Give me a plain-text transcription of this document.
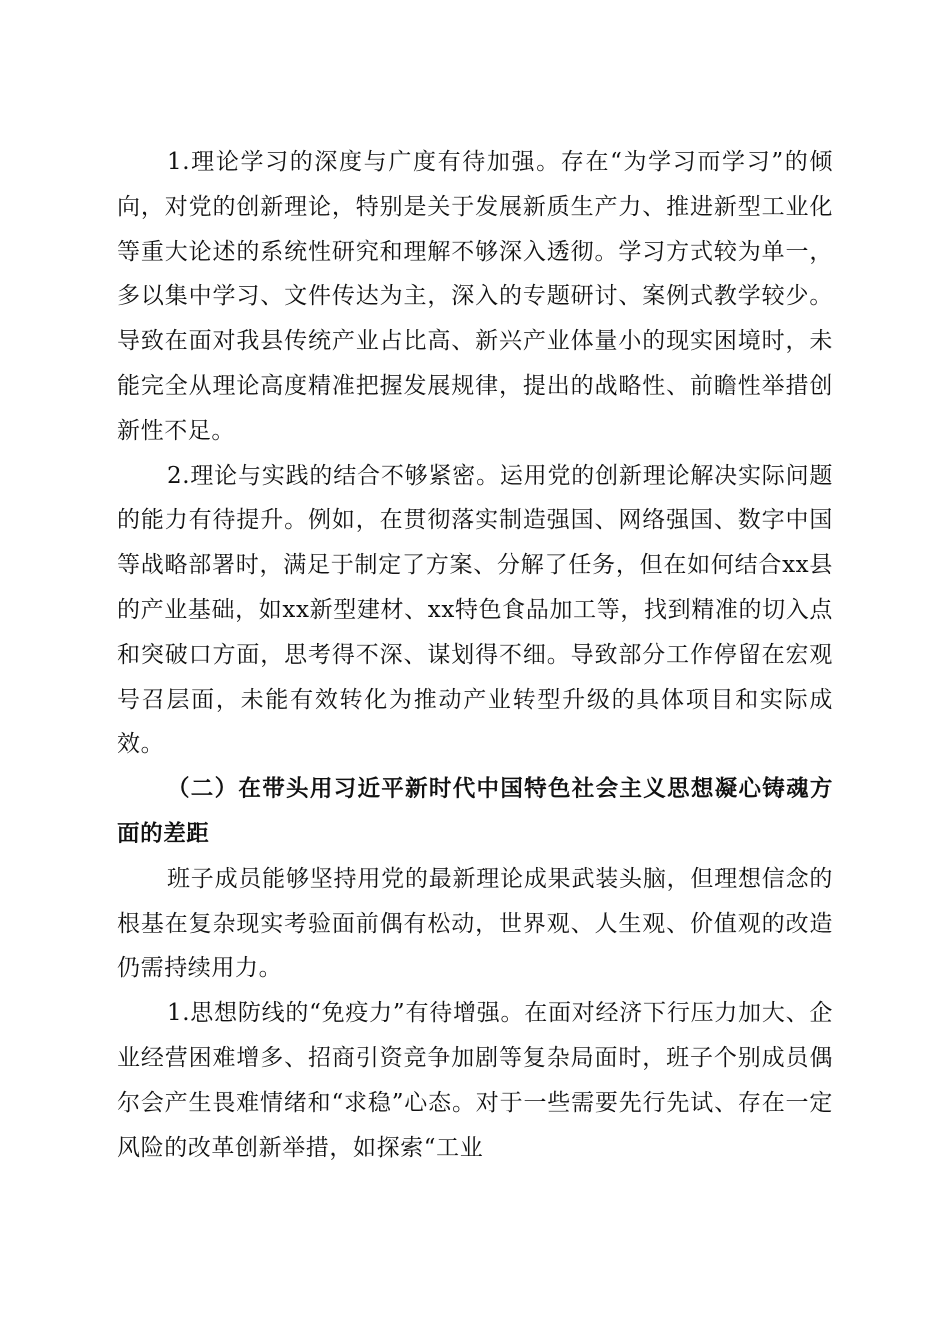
1.理论学习的深度与广度有待加强。存在“为学习而学习”的倾向，对党的创新理论，特别是关于发展新质生产力、推进新型工业化等重大论述的系统性研究和理解不够深入透彻。学习方式较为单一，多以集中学习、文件传达为主，深入的专题研讨、案例式教学较少。导致在面对我县传统产业占比高、新兴产业体量小的现实困境时，未能完全从理论高度精准把握发展规律，提出的战略性、前瞻性举措创新性不足。

2.理论与实践的结合不够紧密。运用党的创新理论解决实际问题的能力有待提升。例如，在贯彻落实制造强国、网络强国、数字中国等战略部署时，满足于制定了方案、分解了任务，但在如何结合xx县的产业基础，如xx新型建材、xx特色食品加工等，找到精准的切入点和突破口方面，思考得不深、谋划得不细。导致部分工作停留在宏观号召层面，未能有效转化为推动产业转型升级的具体项目和实际成效。

（二）在带头用习近平新时代中国特色社会主义思想凝心铸魂方面的差距

班子成员能够坚持用党的最新理论成果武装头脑，但理想信念的根基在复杂现实考验面前偶有松动，世界观、人生观、价值观的改造仍需持续用力。

1.思想防线的“免疫力”有待增强。在面对经济下行压力加大、企业经营困难增多、招商引资竞争加剧等复杂局面时，班子个别成员偶尔会产生畏难情绪和“求稳”心态。对于一些需要先行先试、存在一定风险的改革创新举措，如探索“工业
